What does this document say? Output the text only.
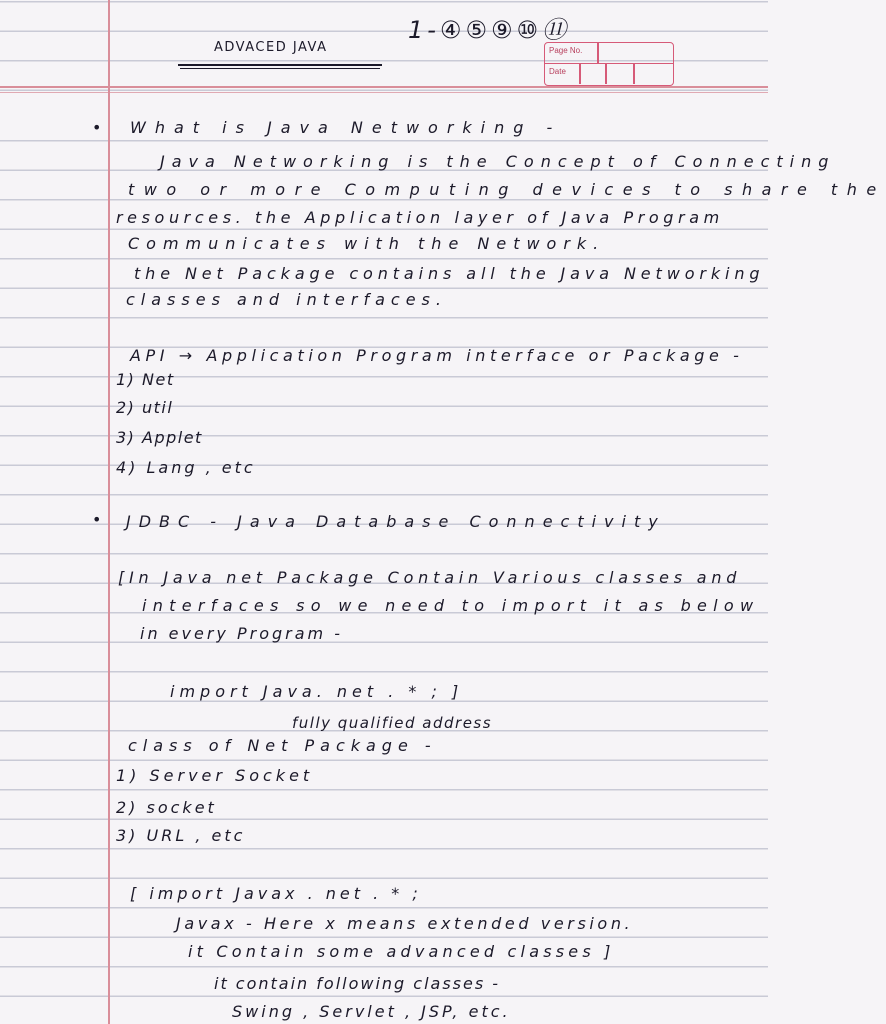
1-④⑤⑨⑩⑪
ADVACED JAVA	Page No.
Date
•
•
What is Java Networking -
Java Networking is the Concept of Connecting
two or more Computing devices to share the
resources. the Application layer of Java Program
Communicates with the Network.
the Net Package contains all the Java Networking
classes and interfaces.
API → Application Program interface or Package -
1) Net
2) util
3) Applet
4) Lang , etc
JDBC - Java Database Connectivity
[In Java net Package Contain Various classes and
interfaces so we need to import it as below
in every Program -
import Java. net . * ; ]
fully qualified address
class of Net Package -
1) Server Socket
2) socket
3) URL , etc
[ import Javax . net . * ;
Javax - Here x means extended version.
it Contain some advanced classes ]
it contain following classes -
Swing , Servlet , JSP, etc.
